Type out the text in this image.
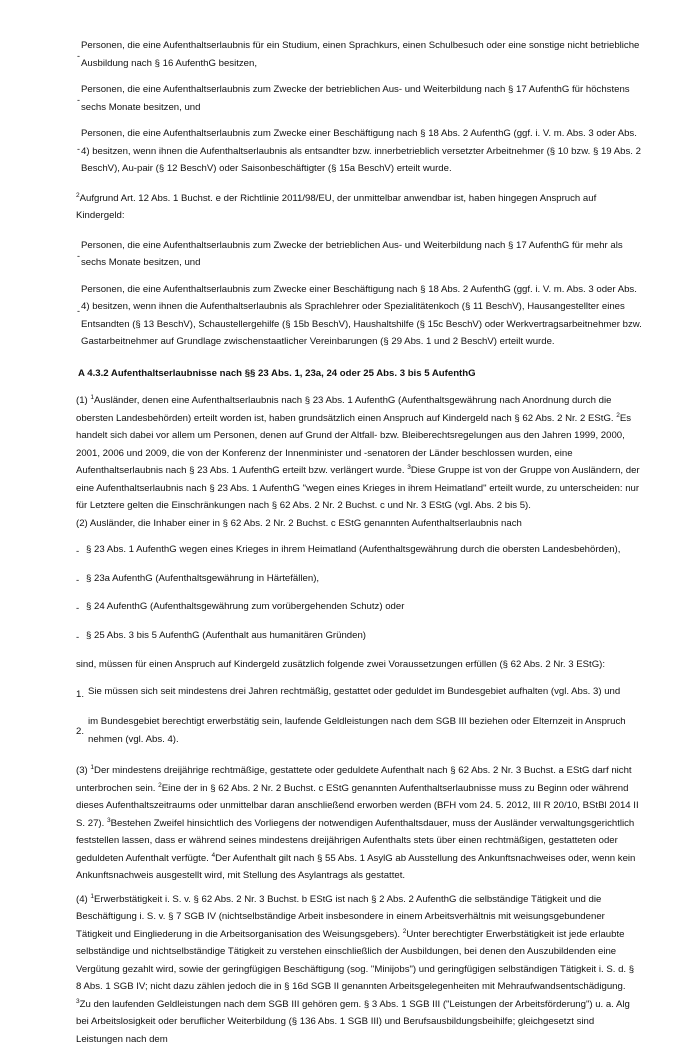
-
Personen, die eine Aufenthaltserlaubnis für ein Studium, einen Sprachkurs, einen Schulbesuch oder eine sonstige nicht betriebliche Ausbildung nach § 16 AufenthG besitzen,
-
Personen, die eine Aufenthaltserlaubnis zum Zwecke der betrieblichen Aus- und Weiterbildung nach § 17 AufenthG für höchstens sechs Monate besitzen, und
-
Personen, die eine Aufenthaltserlaubnis zum Zwecke einer Beschäftigung nach § 18 Abs. 2 AufenthG (ggf. i. V. m. Abs. 3 oder Abs. 4) besitzen, wenn ihnen die Aufenthaltserlaubnis als entsandter bzw. innerbetrieblich versetzter Arbeitnehmer (§ 10 bzw. § 19 Abs. 2 BeschV), Au-pair (§ 12 BeschV) oder Saisonbeschäftigter (§ 15a BeschV) erteilt wurde.
$^2$Aufgrund Art. 12 Abs. 1 Buchst. e der Richtlinie 2011/98/EU, der unmittelbar anwendbar ist, haben hingegen Anspruch auf Kindergeld:
-
Personen, die eine Aufenthaltserlaubnis zum Zwecke der betrieblichen Aus- und Weiterbildung nach § 17 AufenthG für mehr als sechs Monate besitzen, und
-
Personen, die eine Aufenthaltserlaubnis zum Zwecke einer Beschäftigung nach § 18 Abs. 2 AufenthG (ggf. i. V. m. Abs. 3 oder Abs. 4) besitzen, wenn ihnen die Aufenthaltserlaubnis als Sprachlehrer oder Spezialitätenkoch (§ 11 BeschV), Hausangestellter eines Entsandten (§ 13 BeschV), Schaustellergehilfe (§ 15b BeschV), Haushaltshilfe (§ 15c BeschV) oder Werkvertragsarbeitnehmer bzw. Gastarbeitnehmer auf Grundlage zwischenstaatlicher Vereinbarungen (§ 29 Abs. 1 und 2 BeschV) erteilt wurde.
A 4.3.2 Aufenthaltserlaubnisse nach §§ 23 Abs. 1, 23a, 24 oder 25 Abs. 3 bis 5 AufenthG
(1) $^1$Ausländer, denen eine Aufenthaltserlaubnis nach § 23 Abs. 1 AufenthG (Aufenthaltsgewährung nach Anordnung durch die obersten Landesbehörden) erteilt worden ist, haben grundsätzlich einen Anspruch auf Kindergeld nach § 62 Abs. 2 Nr. 2 EStG. $^2$Es handelt sich dabei vor allem um Personen, denen auf Grund der Altfall- bzw. Bleiberechtsregelungen aus den Jahren 1999, 2000, 2001, 2006 und 2009, die von der Konferenz der Innenminister und -senatoren der Länder beschlossen wurden, eine Aufenthaltserlaubnis nach § 23 Abs. 1 AufenthG erteilt bzw. verlängert wurde. $^3$Diese Gruppe ist von der Gruppe von Ausländern, der eine Aufenthaltserlaubnis nach § 23 Abs. 1 AufenthG "wegen eines Krieges in ihrem Heimatland" erteilt wurde, zu unterscheiden: nur für Letztere gelten die Einschränkungen nach § 62 Abs. 2 Nr. 2 Buchst. c und Nr. 3 EStG (vgl. Abs. 2 bis 5).
(2) Ausländer, die Inhaber einer in § 62 Abs. 2 Nr. 2 Buchst. c EStG genannten Aufenthaltserlaubnis nach
- § 23 Abs. 1 AufenthG wegen eines Krieges in ihrem Heimatland (Aufenthaltsgewährung durch die obersten Landesbehörden),
- § 23a AufenthG (Aufenthaltsgewährung in Härtefällen),
- § 24 AufenthG (Aufenthaltsgewährung zum vorübergehenden Schutz) oder
- § 25 Abs. 3 bis 5 AufenthG (Aufenthalt aus humanitären Gründen)
sind, müssen für einen Anspruch auf Kindergeld zusätzlich folgende zwei Voraussetzungen erfüllen (§ 62 Abs. 2 Nr. 3 EStG):
1. Sie müssen sich seit mindestens drei Jahren rechtmäßig, gestattet oder geduldet im Bundesgebiet aufhalten (vgl. Abs. 3) und
2.
im Bundesgebiet berechtigt erwerbstätig sein, laufende Geldleistungen nach dem SGB III beziehen oder Elternzeit in Anspruch nehmen (vgl. Abs. 4).
(3) $^1$Der mindestens dreijährige rechtmäßige, gestattete oder geduldete Aufenthalt nach § 62 Abs. 2 Nr. 3 Buchst. a EStG darf nicht unterbrochen sein. $^2$Eine der in § 62 Abs. 2 Nr. 2 Buchst. c EStG genannten Aufenthaltserlaubnisse muss zu Beginn oder während dieses Aufenthaltszeitraums oder unmittelbar daran anschließend erworben werden (BFH vom 24. 5. 2012, III R 20/10, BStBl 2014 II S. 27). $^3$Bestehen Zweifel hinsichtlich des Vorliegens der notwendigen Aufenthaltsdauer, muss der Ausländer verwaltungsgerichtlich feststellen lassen, dass er während seines mindestens dreijährigen Aufenthalts stets über einen rechtmäßigen, gestatteten oder geduldeten Aufenthalt verfügte. $^4$Der Aufenthalt gilt nach § 55 Abs. 1 AsylG ab Ausstellung des Ankunftsnachweises oder, wenn kein Ankunftsnachweis ausgestellt wird, mit Stellung des Asylantrags als gestattet.
(4) $^1$Erwerbstätigkeit i. S. v. § 62 Abs. 2 Nr. 3 Buchst. b EStG ist nach § 2 Abs. 2 AufenthG die selbständige Tätigkeit und die Beschäftigung i. S. v. § 7 SGB IV (nichtselbständige Arbeit insbesondere in einem Arbeitsverhältnis mit weisungsgebundener Tätigkeit und Eingliederung in die Arbeitsorganisation des Weisungsgebers). $^2$Unter berechtigter Erwerbstätigkeit ist jede erlaubte selbständige und nichtselbständige Tätigkeit zu verstehen einschließlich der Ausbildungen, bei denen den Auszubildenden eine Vergütung gezahlt wird, sowie der geringfügigen Beschäftigung (sog. "Minijobs") und geringfügigen selbständigen Tätigkeit i. S. d. § 8 Abs. 1 SGB IV; nicht dazu zählen jedoch die in § 16d SGB II genannten Arbeitsgelegenheiten mit Mehraufwandsentschädigung. $^3$Zu den laufenden Geldleistungen nach dem SGB III gehören gem. § 3 Abs. 1 SGB III ("Leistungen der Arbeitsförderung") u. a. Alg bei Arbeitslosigkeit oder beruflicher Weiterbildung (§ 136 Abs. 1 SGB III) und Berufsausbildungsbeihilfe; gleichgesetzt sind Leistungen nach dem
